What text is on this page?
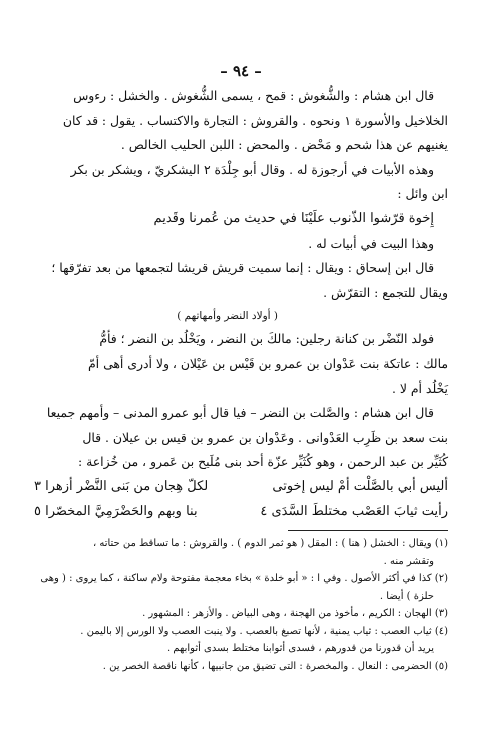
– ٩٤ –

قال ابن هشام : والشُّغوش : قمح ، يسمى الشُّغوش . والخشل : رءوس

الخلاخيل والأسورة ١ ونحوه . والقروش : التجارة والاكتساب . يقول : قد كان

يغنيهم عن هذا شحم و مَحْض . والمحض : اللبن الحليب الخالص .

وهذه الأبيات في أرجوزة له . وقال أبو جِلْدَة ٢ اليشكريّ ، ويشكر بن بكر

ابن وائل :

إِخوة قرّشوا الذّنوب علَيْنَا في حديث من عُمرنا وقَديم

وهذا البيت في أبيات له .

قال ابن إسحاق : ويقال : إنما سميت قريش قريشا لتجمعها من بعد تفرّقها ؛

ويقال للتجمع : التقرّش .

( أولاد النضر وأمهاتهم )

فولد النّضْر بن كنانة رجلين: مالكَ بن النضر ، ويَخْلُد بن النضر ؛ فأمُّ

مالك : عاتكة بنت عَدْوان بن عمرو بن قَيْس بن عَيْلان ، ولا أدرى أهى أمّ

يَخْلُد أم لا .

قال ابن هشام : والصَّلت بن النضر – فيا قال أبو عمرو المدنى – وأمهم جميعا

بنت سعد بن ظَرِب العَدْوانى . وعَدْوان بن عمرو بن قيس بن عيلان . قال

كُثَيِّر بن عبد الرحمن ، وهو كُثَيِّر عزّة أحد بنى مُلَيح بن عَمرو ، من خُزاعة :

أليس أبي بالصَّلْت أمْ ليس إخوتى
لكلّ هِجان من بَنى النَّضْر أزهرا ٣
رأيت ثيابَ العَصْب مختلطَ السَّدَى ٤
بنا وبهم والحَضْرَمِيَّ المخصّرا ٥

(١) ويقال : الخشل ( هنا ) : المقل ( هو ثمر الدوم ) . والقروش : ما تساقط من حتاته ،

وتقشر منه .

(٢) كذا في أكثر الأصول . وفي ا : « أبو خلدة » بخاء معجمة مفتوحة ولام ساكنة ، كما يروى : ( وهى

حلزة ) أيضا .

(٣) الهجان : الكريم ، مأخوذ من الهجنة ، وهى البياض . والأزهر : المشهور .

(٤) ثياب العصب : ثياب يمنية ، لأنها تصبغ بالعصب . ولا ينبت العصب ولا الورس إلا باليمن .

يريد أن قدورنا من قدورهم ، فسدى أثوابنا مختلط بسدى أثوابهم .

(٥) الحضرمى : النعال . والمخصرة : التى تضيق من جانبيها ، كأنها ناقصة الخصر ين .
